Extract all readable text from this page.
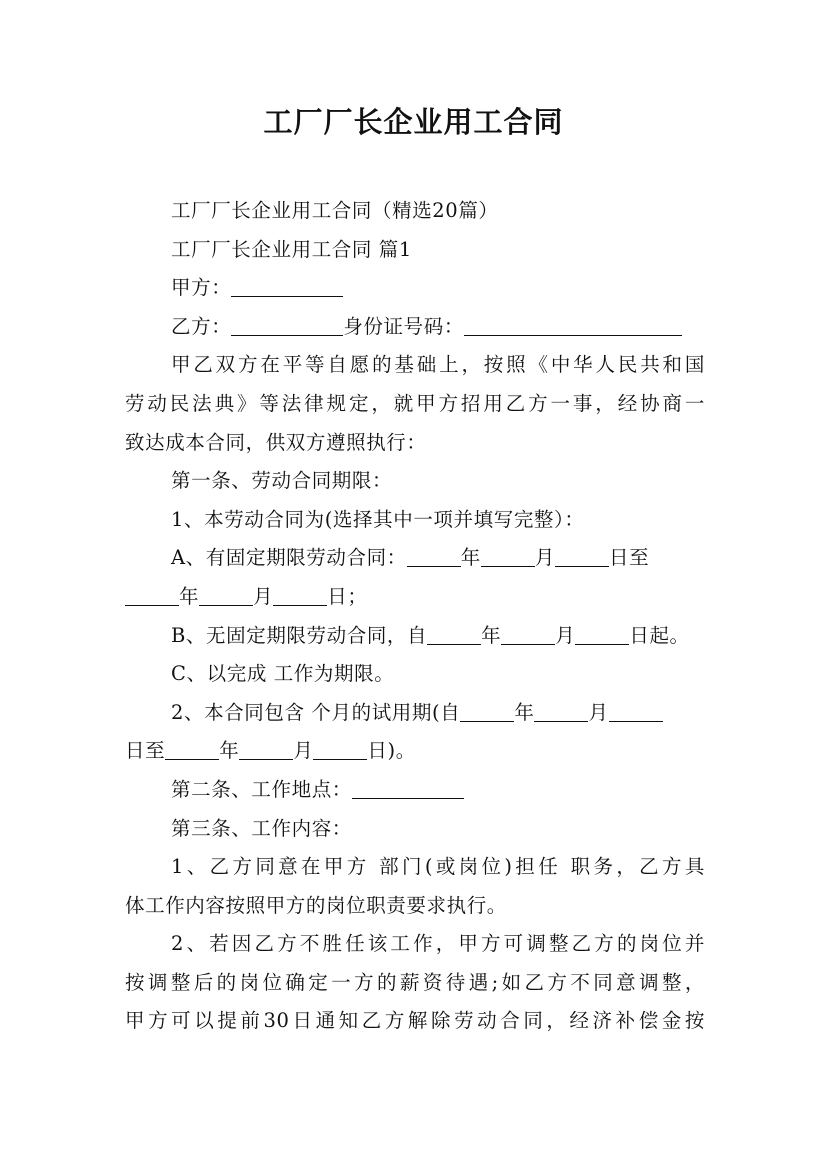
工厂厂长企业用工合同
工厂厂长企业用工合同（精选20篇）
工厂厂长企业用工合同 篇1
甲方：
乙方：	身份证号码：
甲乙双方在平等自愿的基础上，按照《中华人民共和国
劳动民法典》等法律规定，就甲方招用乙方一事，经协商一
致达成本合同，供双方遵照执行：
第一条、劳动合同期限：
1、本劳动合同为(选择其中一项并填写完整）：
A、有固定期限劳动合同：	年	月	日至
年	月	日；
B、无固定期限劳动合同，自	年	月	日起。
C、以完成 工作为期限。
2、本合同包含 个月的试用期(自	年	月
日至	年	月	日)。
第二条、工作地点：
第三条、工作内容：
1、乙方同意在甲方 部门(或岗位)担任 职务，乙方具
体工作内容按照甲方的岗位职责要求执行。
2、若因乙方不胜任该工作，甲方可调整乙方的岗位并
按调整后的岗位确定一方的薪资待遇;如乙方不同意调整，
甲方可以提前30日通知乙方解除劳动合同，经济补偿金按
